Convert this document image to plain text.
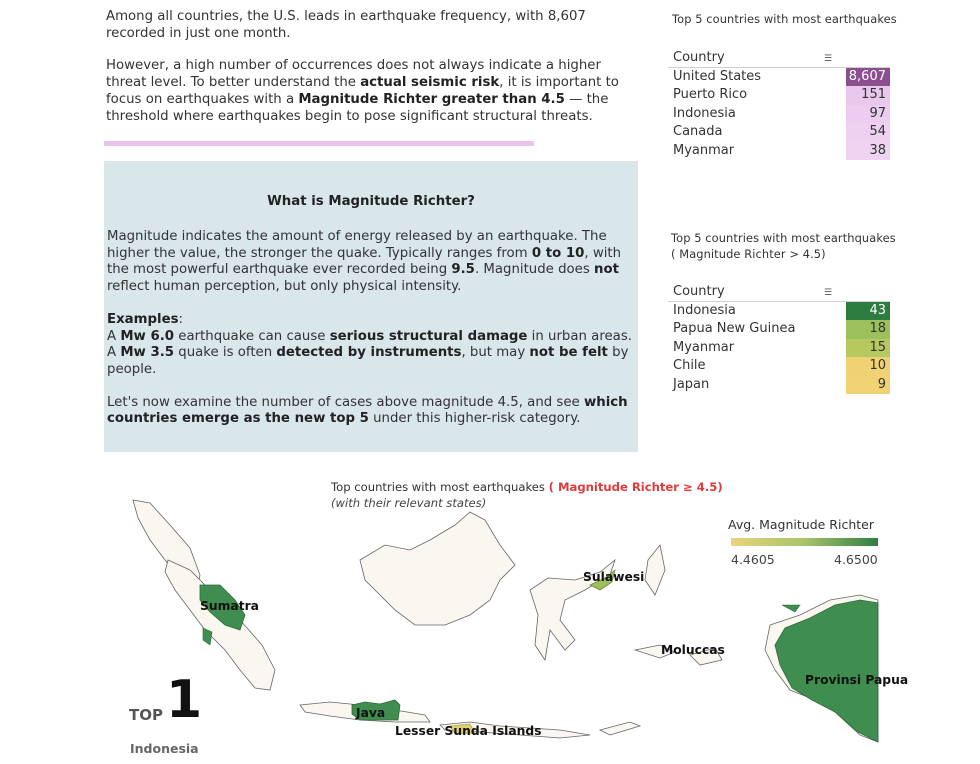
Among all countries, the U.S. leads in earthquake frequency, with 8,607 recorded in just one month.

However, a high number of occurrences does not always indicate a higher threat level. To better understand the actual seismic risk, it is important to focus on earthquakes with a Magnitude Richter greater than 4.5 — the threshold where earthquakes begin to pose significant structural threats.

What is Magnitude Richter?

Magnitude indicates the amount of energy released by an earthquake. The higher the value, the stronger the quake. Typically ranges from 0 to 10, with the most powerful earthquake ever recorded being 9.5. Magnitude does not reflect human perception, but only physical intensity.

Examples:
A Mw 6.0 earthquake can cause serious structural damage in urban areas.
A Mw 3.5 quake is often detected by instruments, but may not be felt by people.

Let's now examine the number of cases above magnitude 4.5, and see which countries emerge as the new top 5 under this higher-risk category.

Top 5 countries with most earthquakes
Country	☰
United States	8,607
Puerto Rico	151
Indonesia	97
Canada	54
Myanmar	38
Top 5 countries with most earthquakes
( Magnitude Richter > 4.5)
Country	☰
Indonesia	43
Papua New Guinea	18
Myanmar	15
Chile	10
Japan	9
Top countries with most earthquakes ( Magnitude Richter ≥ 4.5)
(with their relevant states)
Avg. Magnitude Richter
4.4605	4.6500
Sumatra
Sulawesi
Moluccas
Provinsi Papua
Java
Lesser Sunda Islands
TOP 1
Indonesia
